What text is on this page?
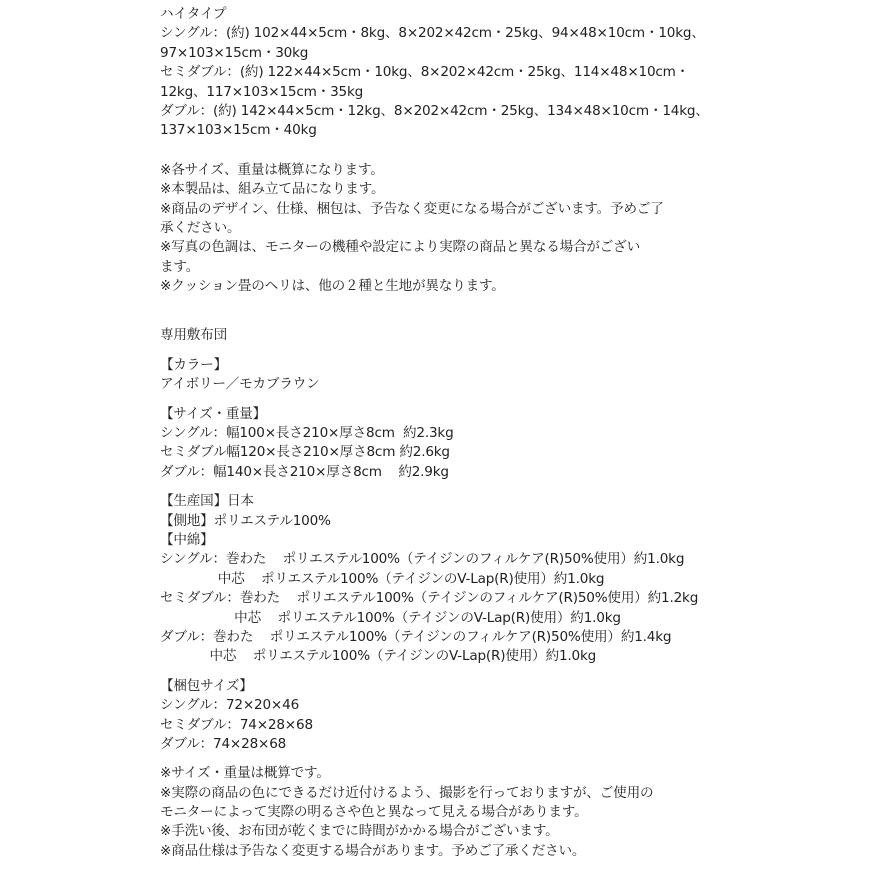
ハイタイプ
シングル：(約) 102×44×5cm・8kg、8×202×42cm・25kg、94×48×10cm・10kg、
97×103×15cm・30kg
セミダブル：(約) 122×44×5cm・10kg、8×202×42cm・25kg、114×48×10cm・
12kg、117×103×15cm・35kg
ダブル：(約) 142×44×5cm・12kg、8×202×42cm・25kg、134×48×10cm・14kg、
137×103×15cm・40kg
※各サイズ、重量は概算になります。
※本製品は、組み立て品になります。
※商品のデザイン、仕様、梱包は、予告なく変更になる場合がございます。予めご了
承ください。
※写真の色調は、モニターの機種や設定により実際の商品と異なる場合がござい
ます。
※クッション畳のヘリは、他の２種と生地が異なります。
専用敷布団
【カラー】
アイボリー／モカブラウン
【サイズ・重量】
シングル：幅100×長さ210×厚さ8cm  約2.3kg
セミダブル幅120×長さ210×厚さ8cm 約2.6kg
ダブル：幅140×長さ210×厚さ8cm    約2.9kg
【生産国】日本
【側地】ポリエステル100%
【中綿】
シングル：巻わた    ポリエステル100%（テイジンのフィルケア(R)50%使用）約1.0kg
中芯    ポリエステル100%（テイジンのV-Lap(R)使用）約1.0kg
セミダブル：巻わた    ポリエステル100%（テイジンのフィルケア(R)50%使用）約1.2kg
中芯    ポリエステル100%（テイジンのV-Lap(R)使用）約1.0kg
ダブル：巻わた    ポリエステル100%（テイジンのフィルケア(R)50%使用）約1.4kg
中芯    ポリエステル100%（テイジンのV-Lap(R)使用）約1.0kg
【梱包サイズ】
シングル：72×20×46
セミダブル：74×28×68
ダブル：74×28×68
※サイズ・重量は概算です。
※実際の商品の色にできるだけ近付けるよう、撮影を行っておりますが、ご使用の
モニターによって実際の明るさや色と異なって見える場合があります。
※手洗い後、お布団が乾くまでに時間がかかる場合がございます。
※商品仕様は予告なく変更する場合があります。予めご了承ください。
